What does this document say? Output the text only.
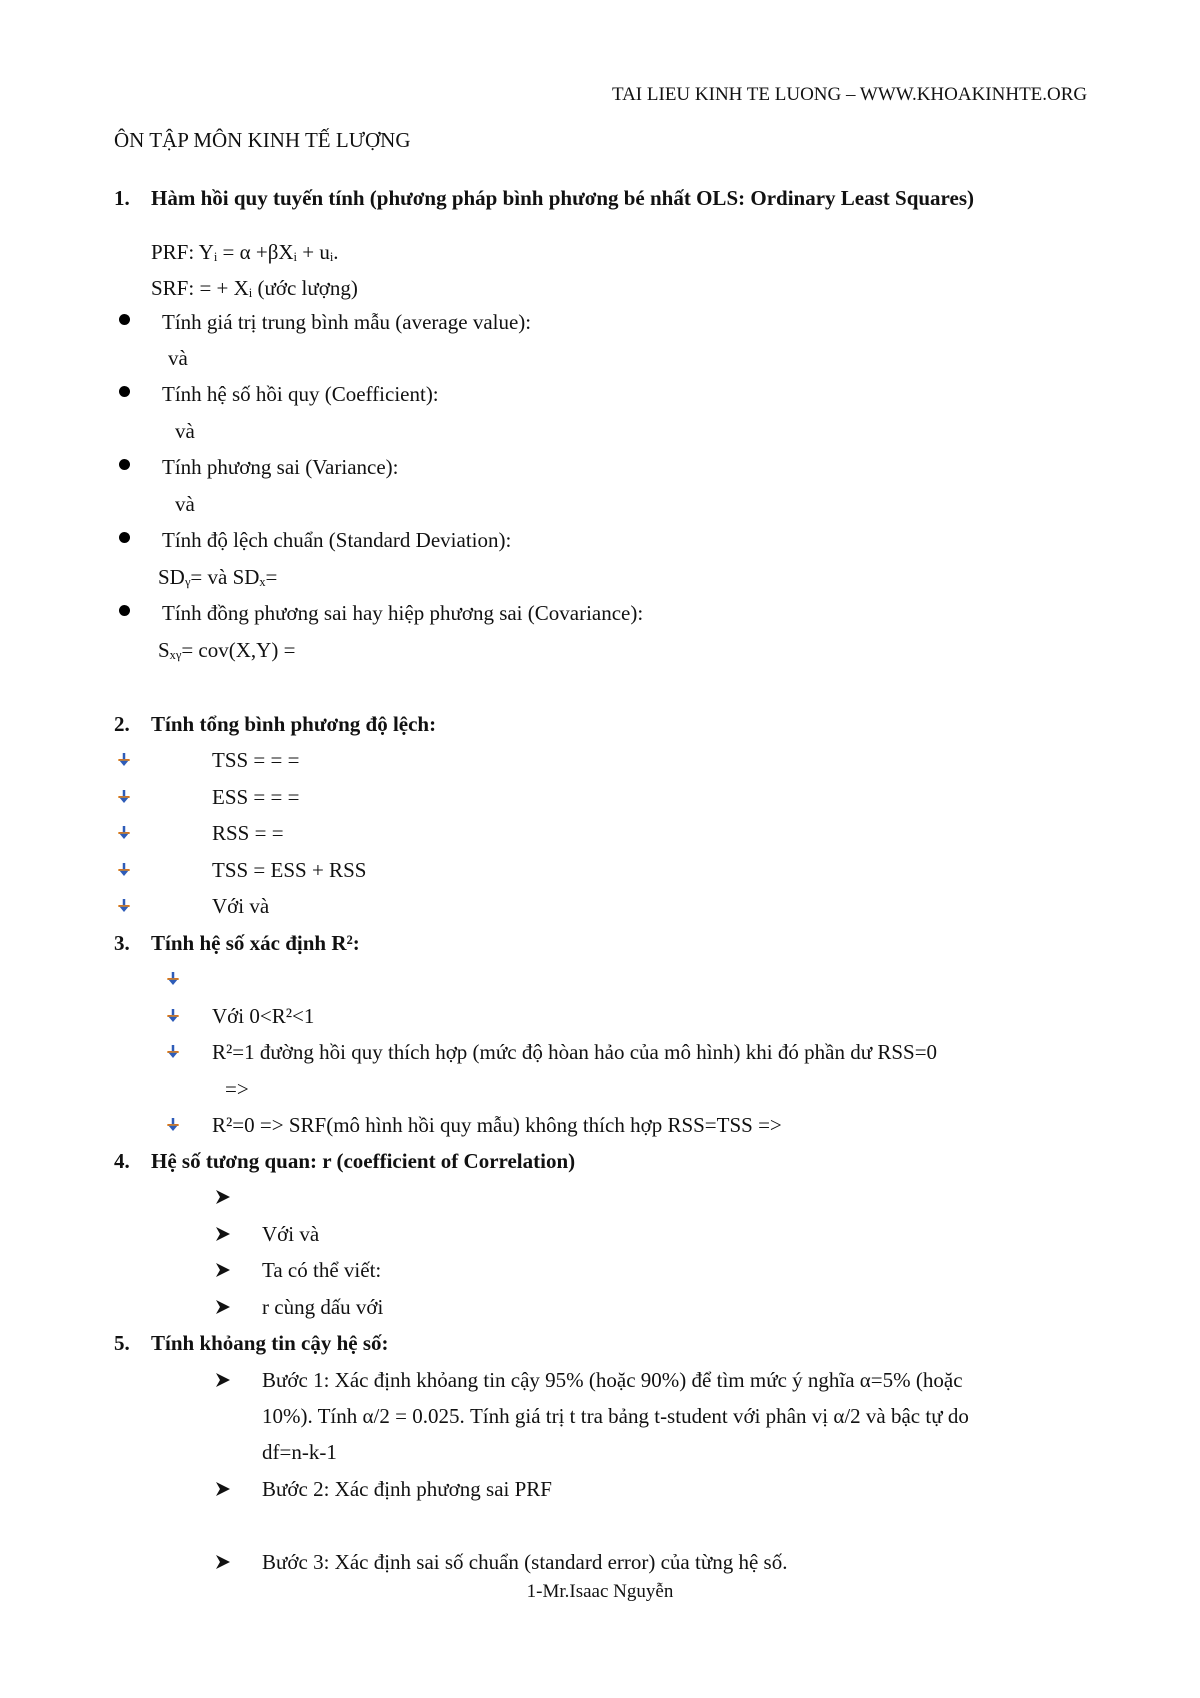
TAI LIEU KINH TE LUONG – WWW.KHOAKINHTE.ORG
ÔN TẬP MÔN KINH TẾ LƯỢNG
1. Hàm hồi quy tuyến tính (phương pháp bình phương bé nhất OLS: Ordinary Least Squares)
PRF: Yᵢ = α +βXᵢ + uᵢ.
SRF: = + Xᵢ (ước lượng)
Tính giá trị trung bình mẫu (average value):
và
Tính hệ số hồi quy (Coefficient):
và
Tính phương sai (Variance):
và
Tính độ lệch chuẩn (Standard Deviation):
SDᵧ= và SDₓ=
Tính đồng phương sai hay hiệp phương sai (Covariance):
Sₓᵧ= cov(X,Y) =
2. Tính tổng bình phương độ lệch:
TSS = = =
ESS = = =
RSS = =
TSS = ESS + RSS
Với và
3. Tính hệ số xác định R²:
Với 0<R²<1
R²=1 đường hồi quy thích hợp (mức độ hòan hảo của mô hình) khi đó phần dư RSS=0
=>
R²=0 => SRF(mô hình hồi quy mẫu) không thích hợp RSS=TSS =>
4. Hệ số tương quan: r (coefficient of Correlation)
Với và
Ta có thể viết:
r cùng dấu với
5. Tính khỏang tin cậy hệ số:
Bước 1: Xác định khỏang tin cậy 95% (hoặc 90%) để tìm mức ý nghĩa α=5% (hoặc
10%). Tính α/2 = 0.025. Tính giá trị t tra bảng t-student với phân vị α/2 và bậc tự do
df=n-k-1
Bước 2: Xác định phương sai PRF
Bước 3: Xác định sai số chuẩn (standard error) của từng hệ số.
1-Mr.Isaac Nguyễn
